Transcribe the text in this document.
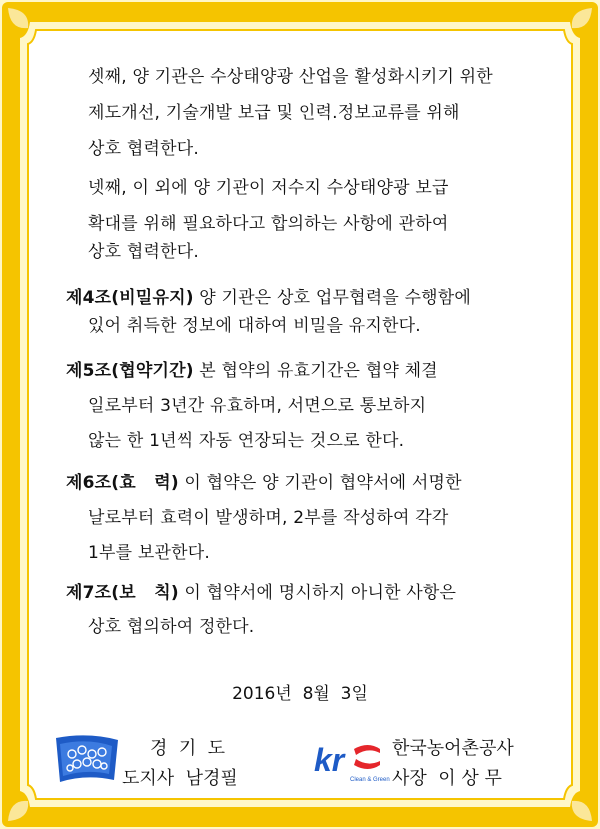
셋째, 양 기관은 수상태양광 산업을 활성화시키기 위한
제도개선, 기술개발 보급 및 인력.정보교류를 위해
상호 협력한다.
넷째, 이 외에 양 기관이 저수지 수상태양광 보급
확대를 위해 필요하다고 합의하는 사항에 관하여
상호 협력한다.
제4조(비밀유지) 양 기관은 상호 업무협력을 수행함에
있어 취득한 정보에 대하여 비밀을 유지한다.
제5조(협약기간) 본 협약의 유효기간은 협약 체결
일로부터 3년간 유효하며, 서면으로 통보하지
않는 한 1년씩 자동 연장되는 것으로 한다.
제6조(효   력) 이 협약은 양 기관이 협약서에 서명한
날로부터 효력이 발생하며, 2부를 작성하여 각각
1부를 보관한다.
제7조(보   칙) 이 협약서에 명시하지 아니한 사항은
상호 협의하여 정한다.
2016년  8월  3일
경  기  도
도지사  남경필
kr
Clean & Green
한국농어촌공사
사장  이 상 무
